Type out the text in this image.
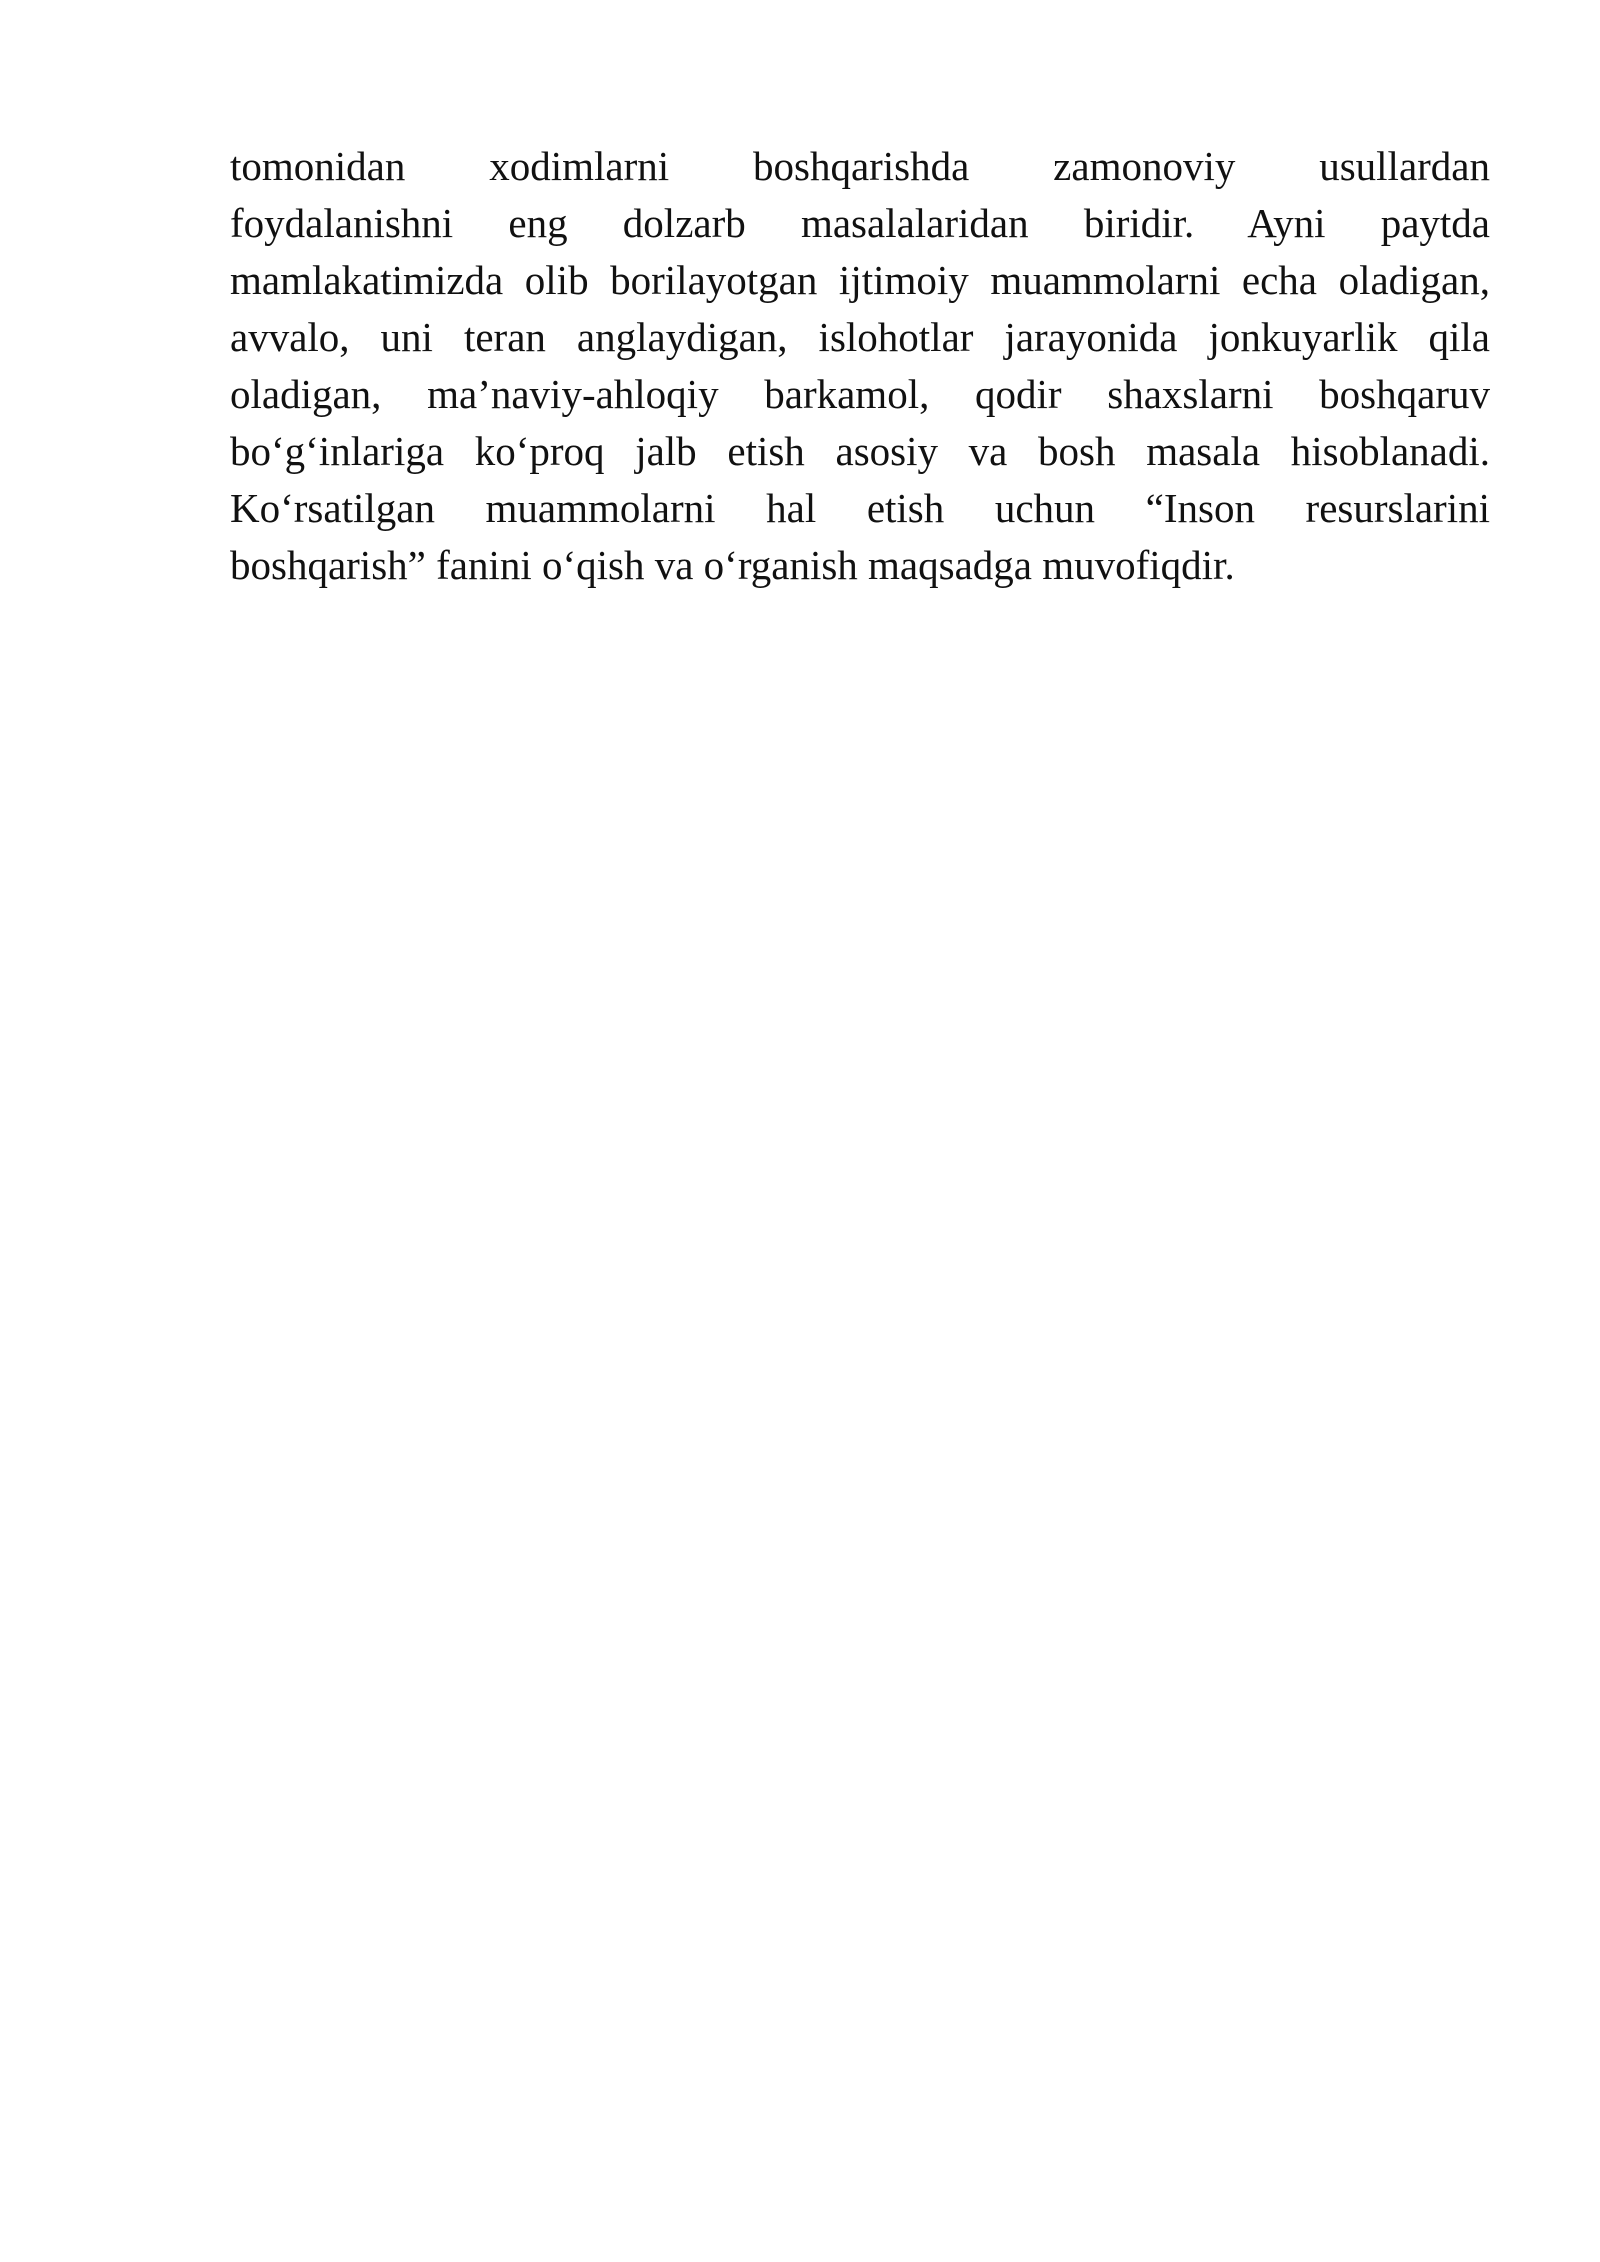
tomonidan xodimlarni boshqarishda zamonoviy usullardan
foydalanishni eng dolzarb masalalaridan biridir. Ayni paytda
mamlakatimizda olib borilayotgan ijtimoiy muammolarni echa oladigan,
avvalo, uni teran anglaydigan, islohotlar jarayonida jonkuyarlik qila
oladigan, ma’naviy-ahloqiy barkamol, qodir shaxslarni boshqaruv
bo‘g‘inlariga ko‘proq jalb etish asosiy va bosh masala hisoblanadi.
Ko‘rsatilgan muammolarni hal etish uchun “Inson resurslarini
boshqarish” fanini o‘qish va o‘rganish maqsadga muvofiqdir.
